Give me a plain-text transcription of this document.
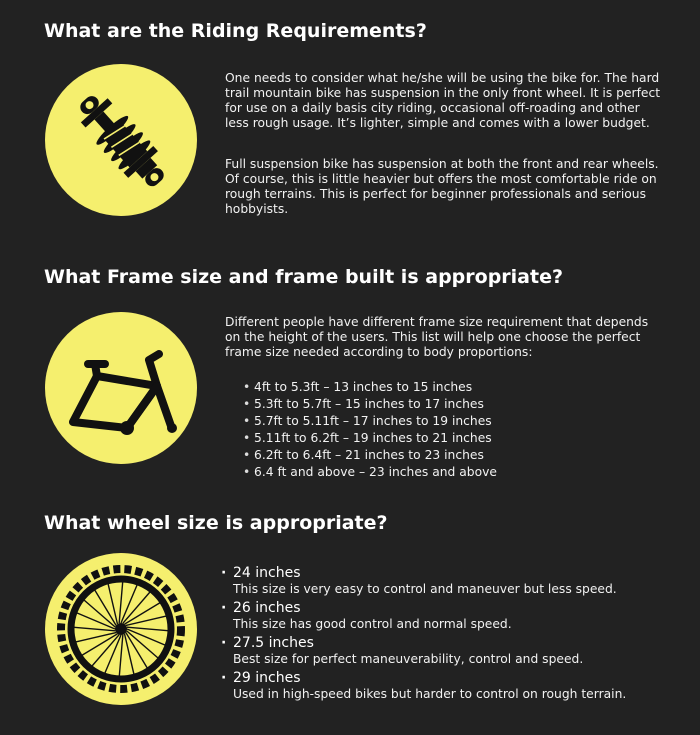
What are the Riding Requirements?

One needs to consider what he/she will be using the bike for. The hard trail mountain bike has suspension in the only front wheel. It is perfect for use on a daily basis city riding, occasional off-roading and other less rough usage. It’s lighter, simple and comes with a lower budget.

Full suspension bike has suspension at both the front and rear wheels. Of course, this is little heavier but offers the most comfortable ride on rough terrains. This is perfect for beginner professionals and serious hobbyists.

What Frame size and frame built is appropriate?

Different people have different frame size requirement that depends on the height of the users. This list will help one choose the perfect frame size needed according to body proportions:

• 4ft to 5.3ft – 13 inches to 15 inches
• 5.3ft to 5.7ft – 15 inches to 17 inches
• 5.7ft to 5.11ft – 17 inches to 19 inches
• 5.11ft to 6.2ft – 19 inches to 21 inches
• 6.2ft to 6.4ft – 21 inches to 23 inches
• 6.4 ft and above – 23 inches and above
What wheel size is appropriate?
· 24 inches
This size is very easy to control and maneuver but less speed.
· 26 inches
This size has good control and normal speed.
· 27.5 inches
Best size for perfect maneuverability, control and speed.
· 29 inches
Used in high-speed bikes but harder to control on rough terrain.
